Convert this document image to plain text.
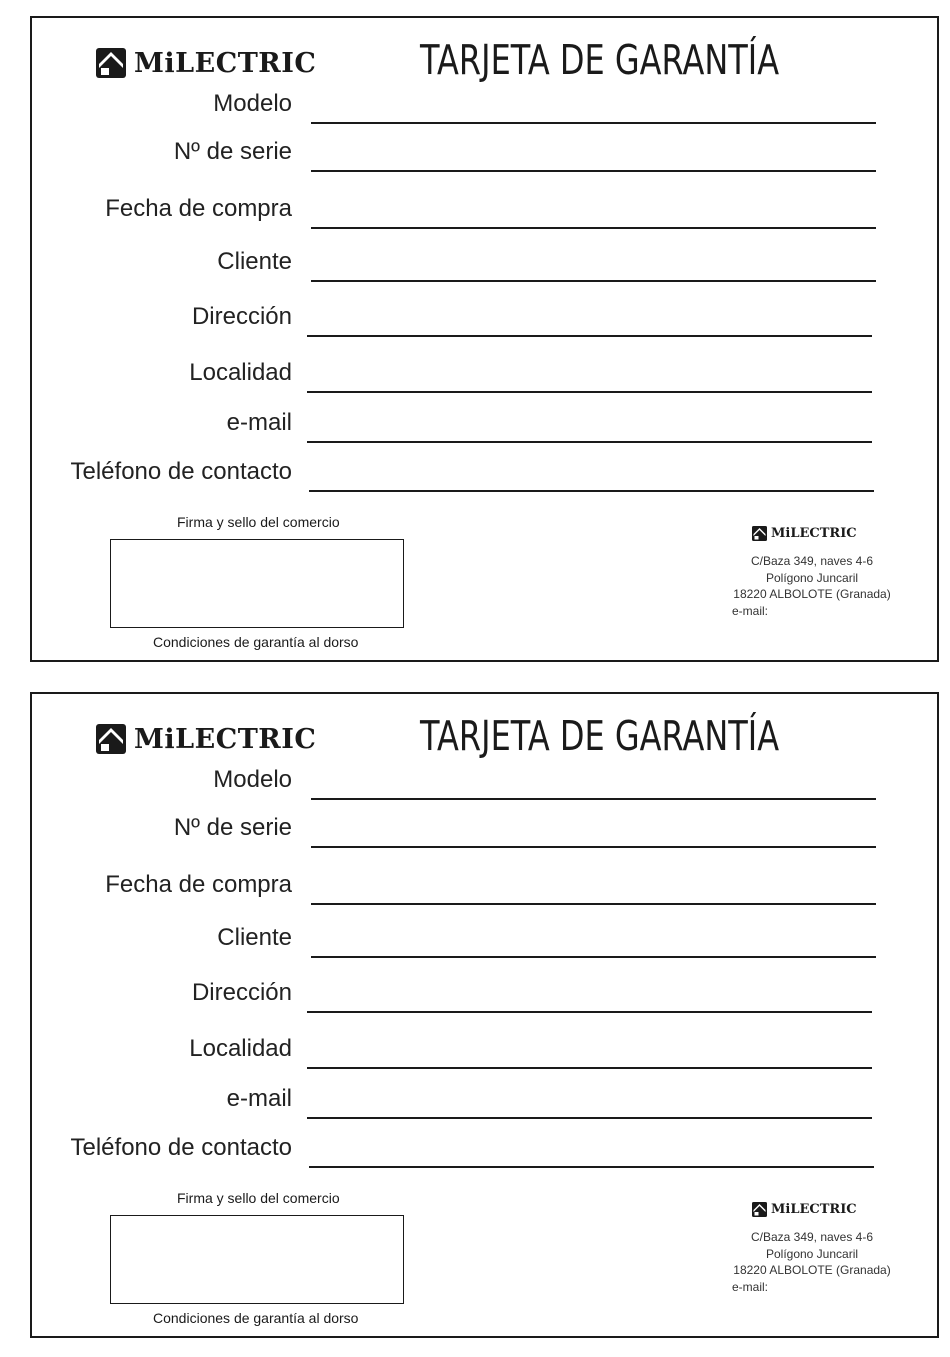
MiLECTRIC	TARJETA DE GARANTÍA
Modelo
Nº de serie
Fecha de compra
Cliente
Dirección
Localidad
e-mail
Teléfono de contacto
Firma y sello del comercio
Condiciones de garantía al dorso
MiLECTRIC
C/Baza 349, naves 4-6
Polígono Juncaril
18220 ALBOLOTE (Granada)
e-mail:
MiLECTRIC	TARJETA DE GARANTÍA
Modelo
Nº de serie
Fecha de compra
Cliente
Dirección
Localidad
e-mail
Teléfono de contacto
Firma y sello del comercio
Condiciones de garantía al dorso
MiLECTRIC
C/Baza 349, naves 4-6
Polígono Juncaril
18220 ALBOLOTE (Granada)
e-mail:
